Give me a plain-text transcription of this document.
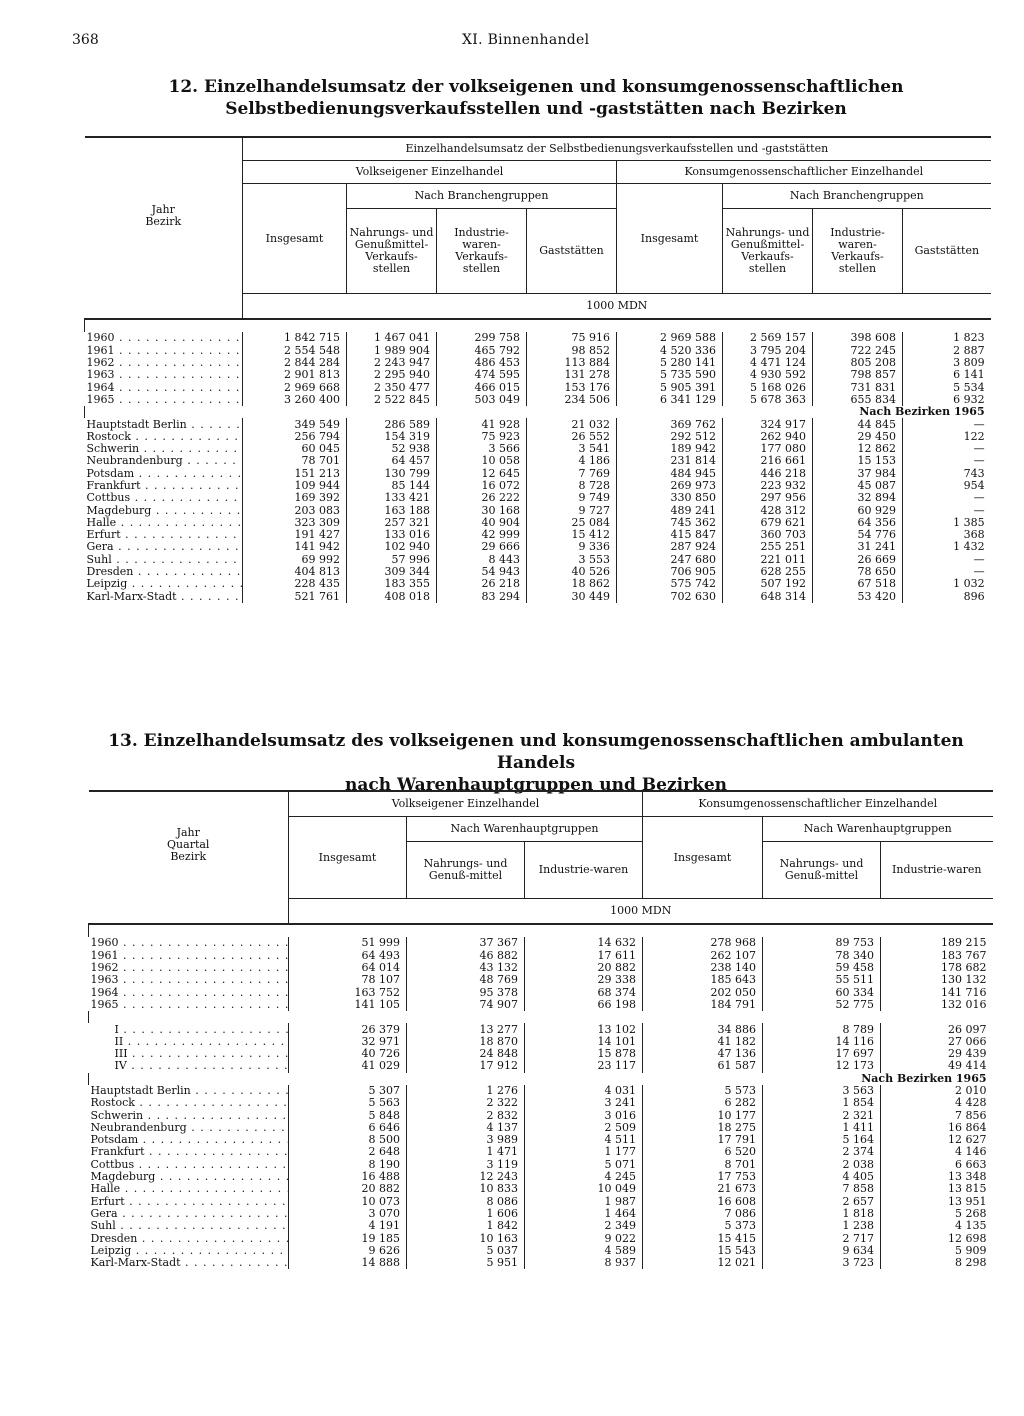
368	XI. Binnenhandel
12. Einzelhandelsumsatz der volkseigenen und konsumgenossenschaftlichen
Selbstbedienungsverkaufsstellen und -gaststätten nach Bezirken
Jahr
Bezirk	Einzelhandelsumsatz der Selbstbedienungsverkaufsstellen und -gaststätten							
	Volkseigener Einzelhandel				Konsumgenossenschaftlicher Einzelhandel			
	Insgesamt	Nach Branchengruppen			Insgesamt	Nach Branchengruppen		
		Nahrungs- und Genußmittel-Verkaufs-stellen	Industrie-waren-Verkaufs-stellen	Gaststätten		Nahrungs- und Genußmittel-Verkaufs-stellen	Industrie-waren-Verkaufs-stellen	Gaststätten
	1000 MDN							

1960 . . .	1 842 715	1 467 041	299 758	75 916	2 969 588	2 569 157	398 608	1 823
1961 . . .	2 554 548	1 989 904	465 792	98 852	4 520 336	3 795 204	722 245	2 887
1962 . . .	2 844 284	2 243 947	486 453	113 884	5 280 141	4 471 124	805 208	3 809
1963 . . .	2 901 813	2 295 940	474 595	131 278	5 735 590	4 930 592	798 857	6 141
1964 . . .	2 969 668	2 350 477	466 015	153 176	5 905 391	5 168 026	731 831	5 534
1965 . . .	3 260 400	2 522 845	503 049	234 506	6 341 129	5 678 363	655 834	6 932
Nach Bezirken 1965								
Hauptstadt Berlin . . .	349 549	286 589	41 928	21 032	369 762	324 917	44 845	—
Rostock . . .	256 794	154 319	75 923	26 552	292 512	262 940	29 450	122
Schwerin . . .	60 045	52 938	3 566	3 541	189 942	177 080	12 862	—
Neubrandenburg . . .	78 701	64 457	10 058	4 186	231 814	216 661	15 153	—
Potsdam . . .	151 213	130 799	12 645	7 769	484 945	446 218	37 984	743
Frankfurt . . .	109 944	85 144	16 072	8 728	269 973	223 932	45 087	954
Cottbus . . .	169 392	133 421	26 222	9 749	330 850	297 956	32 894	—
Magdeburg . . .	203 083	163 188	30 168	9 727	489 241	428 312	60 929	—
Halle . . .	323 309	257 321	40 904	25 084	745 362	679 621	64 356	1 385
Erfurt . . .	191 427	133 016	42 999	15 412	415 847	360 703	54 776	368
Gera . . .	141 942	102 940	29 666	9 336	287 924	255 251	31 241	1 432
Suhl . . .	69 992	57 996	8 443	3 553	247 680	221 011	26 669	—
Dresden . . .	404 813	309 344	54 943	40 526	706 905	628 255	78 650	—
Leipzig . . .	228 435	183 355	26 218	18 862	575 742	507 192	67 518	1 032
Karl-Marx-Stadt . . .	521 761	408 018	83 294	30 449	702 630	648 314	53 420	896
13. Einzelhandelsumsatz des volkseigenen und konsumgenossenschaftlichen ambulanten Handels
nach Warenhauptgruppen und Bezirken
Jahr
Quartal
Bezirk	Volkseigener Einzelhandel			Konsumgenossenschaftlicher Einzelhandel		
	Insgesamt	Nach Warenhauptgruppen		Insgesamt	Nach Warenhauptgruppen	
		Nahrungs- und Genuß-mittel	Industrie-waren		Nahrungs- und Genuß-mittel	Industrie-waren
	1000 MDN					

1960 . . .	51 999	37 367	14 632	278 968	89 753	189 215
1961 . . .	64 493	46 882	17 611	262 107	78 340	183 767
1962 . . .	64 014	43 132	20 882	238 140	59 458	178 682
1963 . . .	78 107	48 769	29 338	185 643	55 511	130 132
1964 . . .	163 752	95 378	68 374	202 050	60 334	141 716
1965 . . .	141 105	74 907	66 198	184 791	52 775	132 016

I . . .	26 379	13 277	13 102	34 886	8 789	26 097
II . . .	32 971	18 870	14 101	41 182	14 116	27 066
III . . .	40 726	24 848	15 878	47 136	17 697	29 439
IV . . .	41 029	17 912	23 117	61 587	12 173	49 414
Nach Bezirken 1965						
Hauptstadt Berlin . . .	5 307	1 276	4 031	5 573	3 563	2 010
Rostock . . .	5 563	2 322	3 241	6 282	1 854	4 428
Schwerin . . .	5 848	2 832	3 016	10 177	2 321	7 856
Neubrandenburg . . .	6 646	4 137	2 509	18 275	1 411	16 864
Potsdam . . .	8 500	3 989	4 511	17 791	5 164	12 627
Frankfurt . . .	2 648	1 471	1 177	6 520	2 374	4 146
Cottbus . . .	8 190	3 119	5 071	8 701	2 038	6 663
Magdeburg . . .	16 488	12 243	4 245	17 753	4 405	13 348
Halle . . .	20 882	10 833	10 049	21 673	7 858	13 815
Erfurt . . .	10 073	8 086	1 987	16 608	2 657	13 951
Gera . . .	3 070	1 606	1 464	7 086	1 818	5 268
Suhl . . .	4 191	1 842	2 349	5 373	1 238	4 135
Dresden . . .	19 185	10 163	9 022	15 415	2 717	12 698
Leipzig . . .	9 626	5 037	4 589	15 543	9 634	5 909
Karl-Marx-Stadt . . .	14 888	5 951	8 937	12 021	3 723	8 298
